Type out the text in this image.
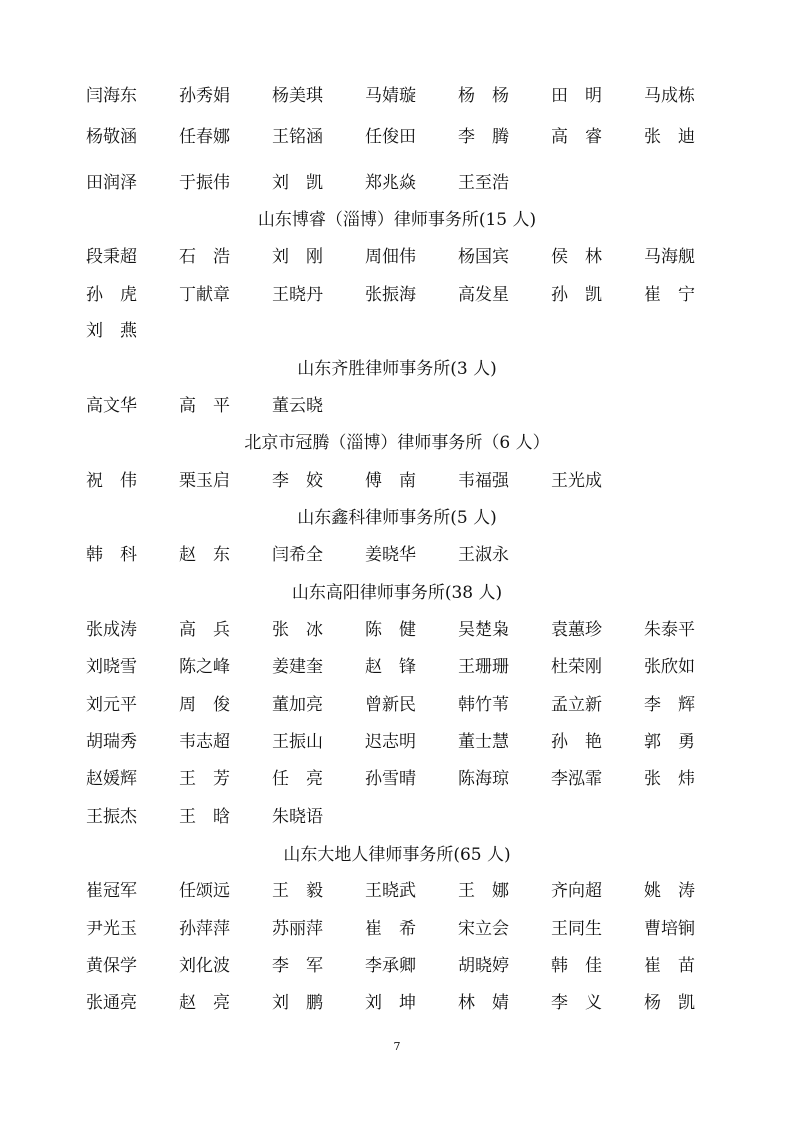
闫海东	孙秀娟	杨美琪	马婧璇	杨　杨	田　明	马成栋
杨敬涵	任春娜	王铭涵	任俊田	李　腾	高　睿	张　迪
田润泽	于振伟	刘　凯	郑兆焱	王至浩
山东博睿（淄博）律师事务所(15 人)
段秉超	石　浩	刘　刚	周佃伟	杨国宾	侯　林	马海舰
孙　虎	丁献章	王晓丹	张振海	高发星	孙　凯	崔　宁
刘　燕
山东齐胜律师事务所(3 人)
高文华	高　平	董云晓
北京市冠腾（淄博）律师事务所（6 人）
祝　伟	栗玉启	李　姣	傅　南	韦福强	王光成
山东鑫科律师事务所(5 人)
韩　科	赵　东	闫希全	姜晓华	王淑永
山东高阳律师事务所(38 人)
张成涛	高　兵	张　冰	陈　健	吴楚枭	袁蕙珍	朱泰平
刘晓雪	陈之峰	姜建奎	赵　锋	王珊珊	杜荣刚	张欣如
刘元平	周　俊	董加亮	曾新民	韩竹苇	孟立新	李　辉
胡瑞秀	韦志超	王振山	迟志明	董士慧	孙　艳	郭　勇
赵媛辉	王　芳	任　亮	孙雪晴	陈海琼	李泓霏	张　炜
王振杰	王　晗	朱晓语
山东大地人律师事务所(65 人)
崔冠军	任颂远	王　毅	王晓武	王　娜	齐向超	姚　涛
尹光玉	孙萍萍	苏丽萍	崔　希	宋立会	王同生	曹培锏
黄保学	刘化波	李　军	李承卿	胡晓婷	韩　佳	崔　苗
张通亮	赵　亮	刘　鹏	刘　坤	林　婧	李　义	杨　凯
7
